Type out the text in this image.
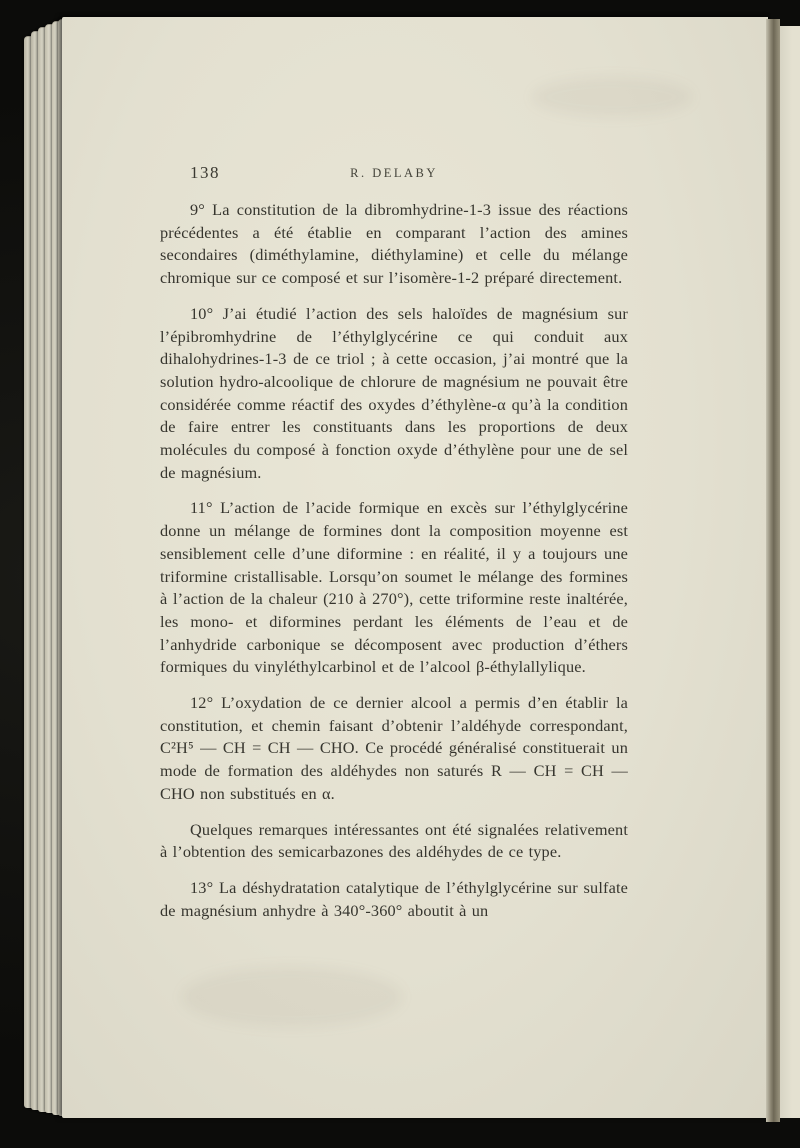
138	R. DELABY

9° La constitution de la dibromhydrine-1-3 issue des réactions précédentes a été établie en comparant l’action des amines secondaires (diméthylamine, diéthylamine) et celle du mélange chromique sur ce composé et sur l’isomère-1-2 préparé directement.

10° J’ai étudié l’action des sels haloïdes de magnésium sur l’épibromhydrine de l’éthylglycérine ce qui conduit aux dihalohydrines-1-3 de ce triol ; à cette occasion, j’ai montré que la solution hydro-alcoolique de chlorure de magnésium ne pouvait être considérée comme réactif des oxydes d’éthylène-α qu’à la condition de faire entrer les constituants dans les proportions de deux molécules du composé à fonction oxyde d’éthylène pour une de sel de magnésium.

11° L’action de l’acide formique en excès sur l’éthylglycérine donne un mélange de formines dont la composition moyenne est sensiblement celle d’une diformine : en réalité, il y a toujours une triformine cristallisable. Lorsqu’on soumet le mélange des formines à l’action de la chaleur (210 à 270°), cette triformine reste inaltérée, les mono- et diformines perdant les éléments de l’eau et de l’anhydride carbonique se décomposent avec production d’éthers formiques du vinyléthylcarbinol et de l’alcool β-éthylallylique.

12° L’oxydation de ce dernier alcool a permis d’en établir la constitution, et chemin faisant d’obtenir l’aldéhyde correspondant, C²H⁵ — CH = CH — CHO. Ce procédé généralisé constituerait un mode de formation des aldéhydes non saturés R — CH = CH — CHO non substitués en α.

Quelques remarques intéressantes ont été signalées relativement à l’obtention des semicarbazones des aldéhydes de ce type.

13° La déshydratation catalytique de l’éthylglycérine sur sulfate de magnésium anhydre à 340°-360° aboutit à un
